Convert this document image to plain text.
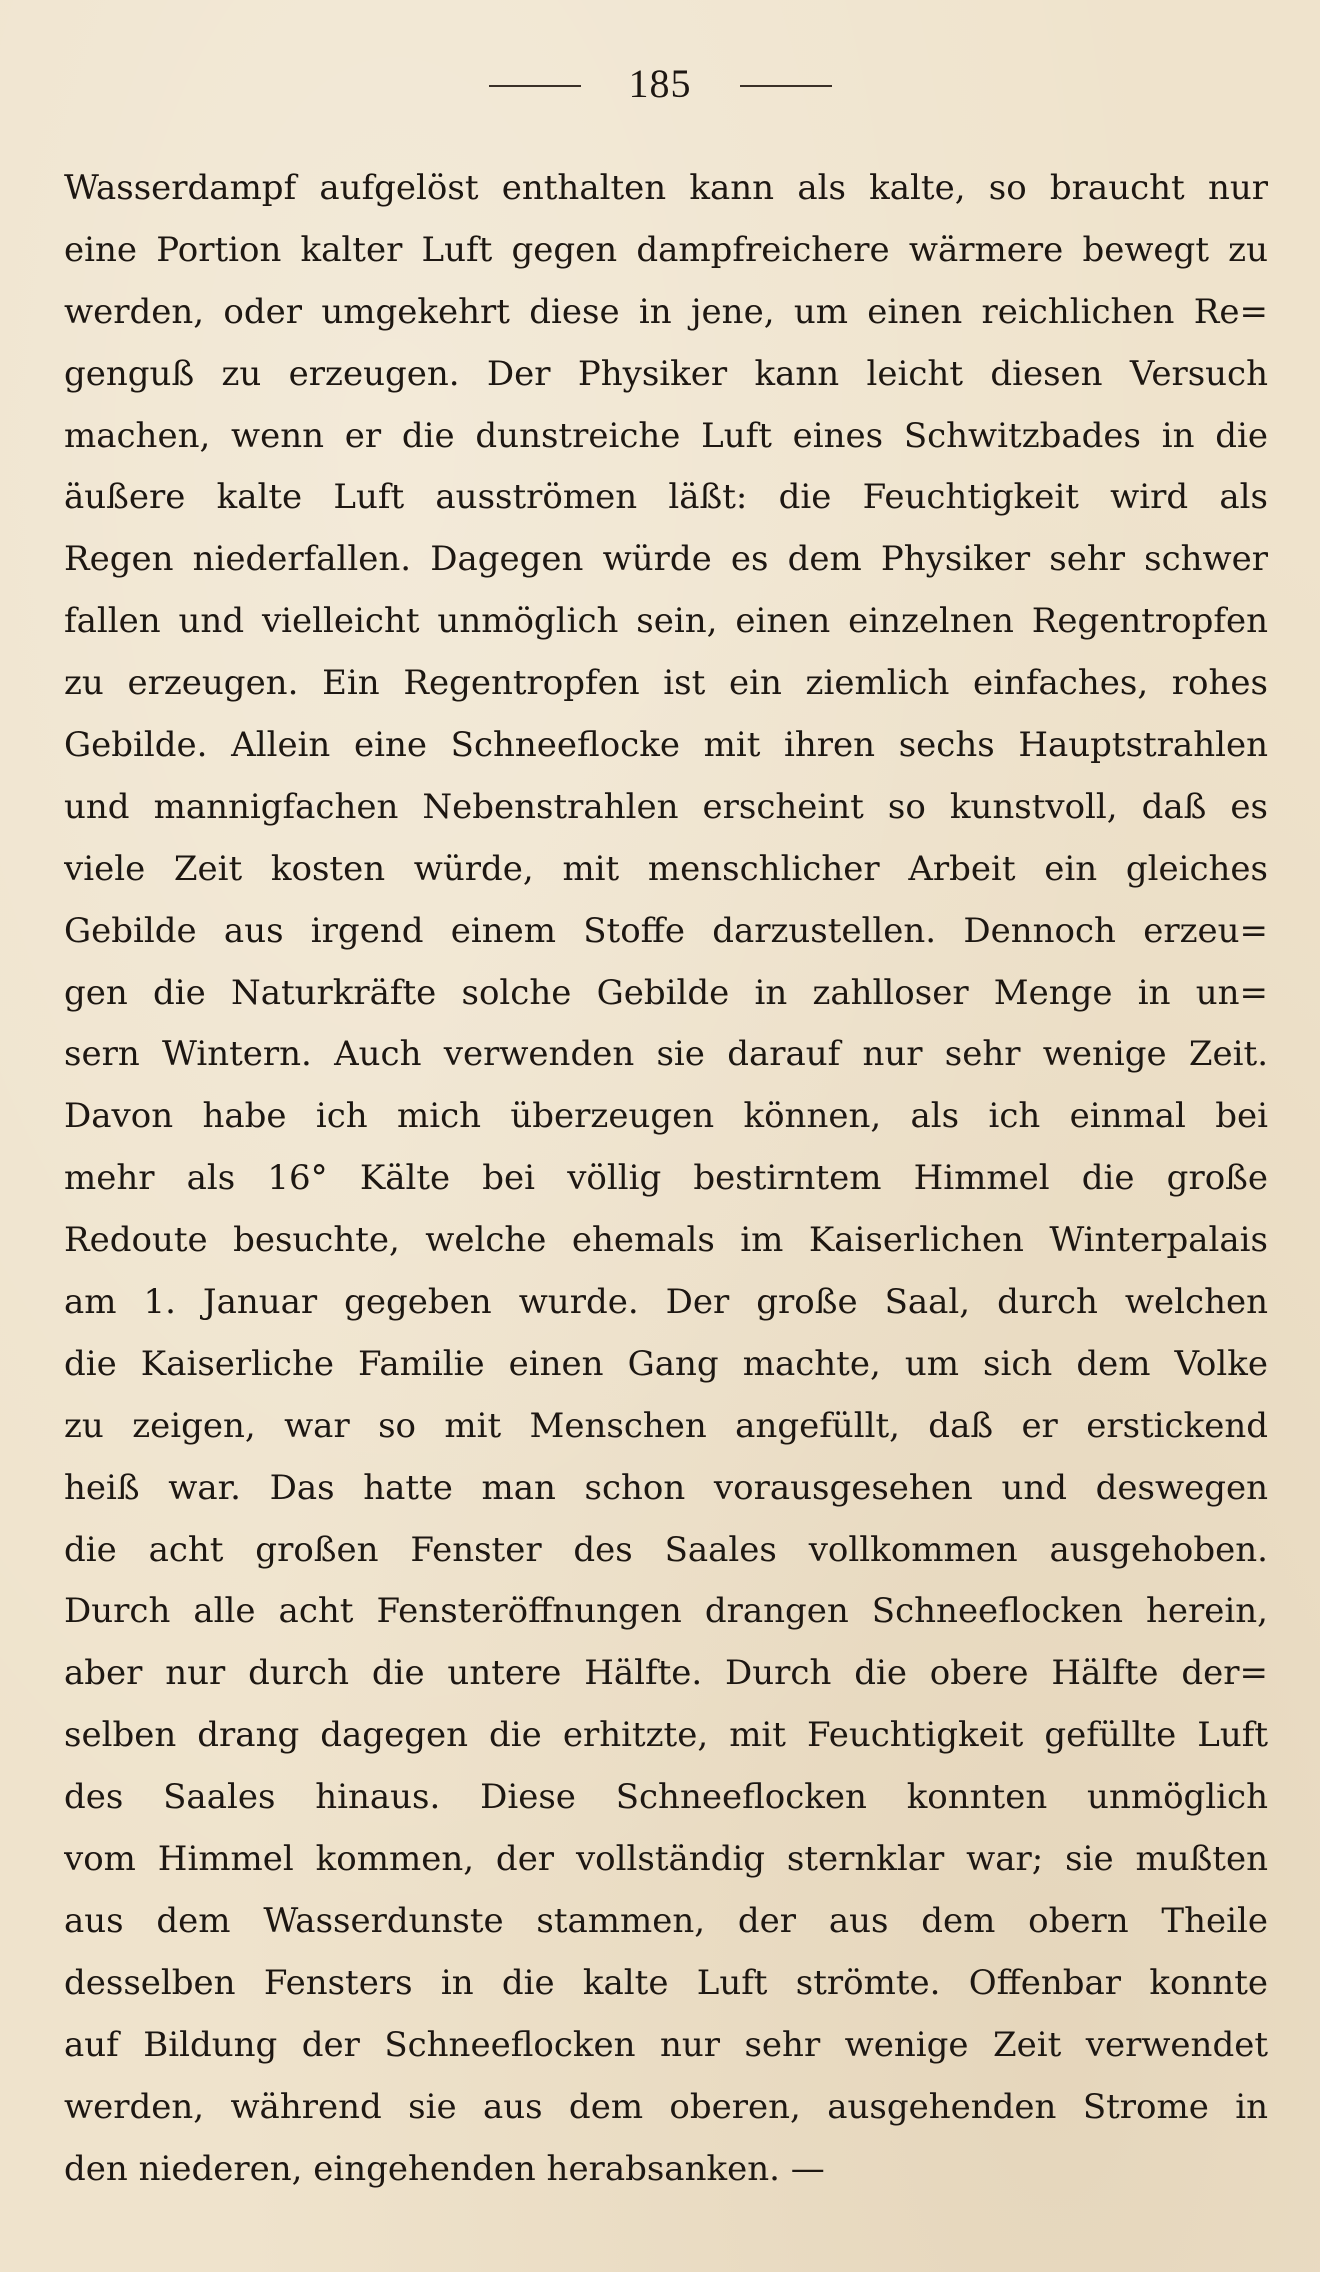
185
Wasserdampf aufgelöst enthalten kann als kalte, so braucht nur
eine Portion kalter Luft gegen dampfreichere wärmere bewegt zu
werden, oder umgekehrt diese in jene, um einen reichlichen Re=
genguß zu erzeugen. Der Physiker kann leicht diesen Versuch
machen, wenn er die dunstreiche Luft eines Schwitzbades in die
äußere kalte Luft ausströmen läßt: die Feuchtigkeit wird als
Regen niederfallen. Dagegen würde es dem Physiker sehr schwer
fallen und vielleicht unmöglich sein, einen einzelnen Regentropfen
zu erzeugen. Ein Regentropfen ist ein ziemlich einfaches, rohes
Gebilde. Allein eine Schneeflocke mit ihren sechs Hauptstrahlen
und mannigfachen Nebenstrahlen erscheint so kunstvoll, daß es
viele Zeit kosten würde, mit menschlicher Arbeit ein gleiches
Gebilde aus irgend einem Stoffe darzustellen. Dennoch erzeu=
gen die Naturkräfte solche Gebilde in zahlloser Menge in un=
sern Wintern. Auch verwenden sie darauf nur sehr wenige Zeit.
Davon habe ich mich überzeugen können, als ich einmal bei
mehr als 16° Kälte bei völlig bestirntem Himmel die große
Redoute besuchte, welche ehemals im Kaiserlichen Winterpalais
am 1. Januar gegeben wurde. Der große Saal, durch welchen
die Kaiserliche Familie einen Gang machte, um sich dem Volke
zu zeigen, war so mit Menschen angefüllt, daß er erstickend
heiß war. Das hatte man schon vorausgesehen und deswegen
die acht großen Fenster des Saales vollkommen ausgehoben.
Durch alle acht Fensteröffnungen drangen Schneeflocken herein,
aber nur durch die untere Hälfte. Durch die obere Hälfte der=
selben drang dagegen die erhitzte, mit Feuchtigkeit gefüllte Luft
des Saales hinaus. Diese Schneeflocken konnten unmöglich
vom Himmel kommen, der vollständig sternklar war; sie mußten
aus dem Wasserdunste stammen, der aus dem obern Theile
desselben Fensters in die kalte Luft strömte. Offenbar konnte
auf Bildung der Schneeflocken nur sehr wenige Zeit verwendet
werden, während sie aus dem oberen, ausgehenden Strome in
den niederen, eingehenden herabsanken. —
